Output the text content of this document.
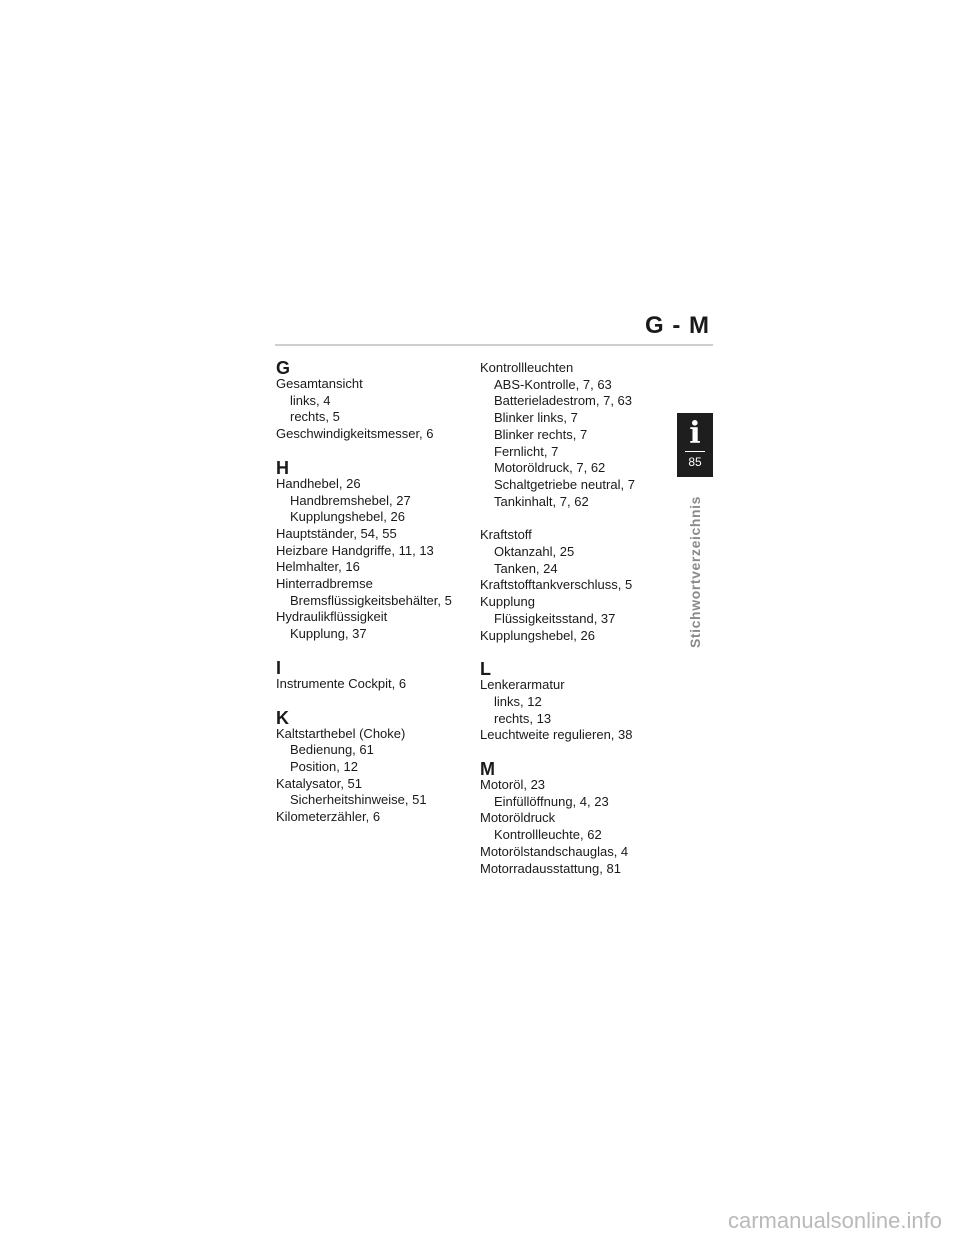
G - M
G
Gesamtansicht
links, 4
rechts, 5
Geschwindigkeitsmesser, 6
H
Handhebel, 26
Handbremshebel, 27
Kupplungshebel, 26
Hauptständer, 54, 55
Heizbare Handgriffe, 11, 13
Helmhalter, 16
Hinterradbremse
Bremsflüssigkeitsbehälter, 5
Hydraulikflüssigkeit
Kupplung, 37
I
Instrumente Cockpit, 6
K
Kaltstarthebel (Choke)
Bedienung, 61
Position, 12
Katalysator, 51
Sicherheitshinweise, 51
Kilometerzähler, 6
Kontrollleuchten
ABS-Kontrolle, 7, 63
Batterieladestrom, 7, 63
Blinker links, 7
Blinker rechts, 7
Fernlicht, 7
Motoröldruck, 7, 62
Schaltgetriebe neutral, 7
Tankinhalt, 7, 62
Kraftstoff
Oktanzahl, 25
Tanken, 24
Kraftstofftankverschluss, 5
Kupplung
Flüssigkeitsstand, 37
Kupplungshebel, 26
L
Lenkerarmatur
links, 12
rechts, 13
Leuchtweite regulieren, 38
M
Motoröl, 23
Einfüllöffnung, 4, 23
Motoröldruck
Kontrollleuchte, 62
Motorölstandschauglas, 4
Motorradausstattung, 81
i
85
Stichwortverzeichnis
carmanualsonline.info
